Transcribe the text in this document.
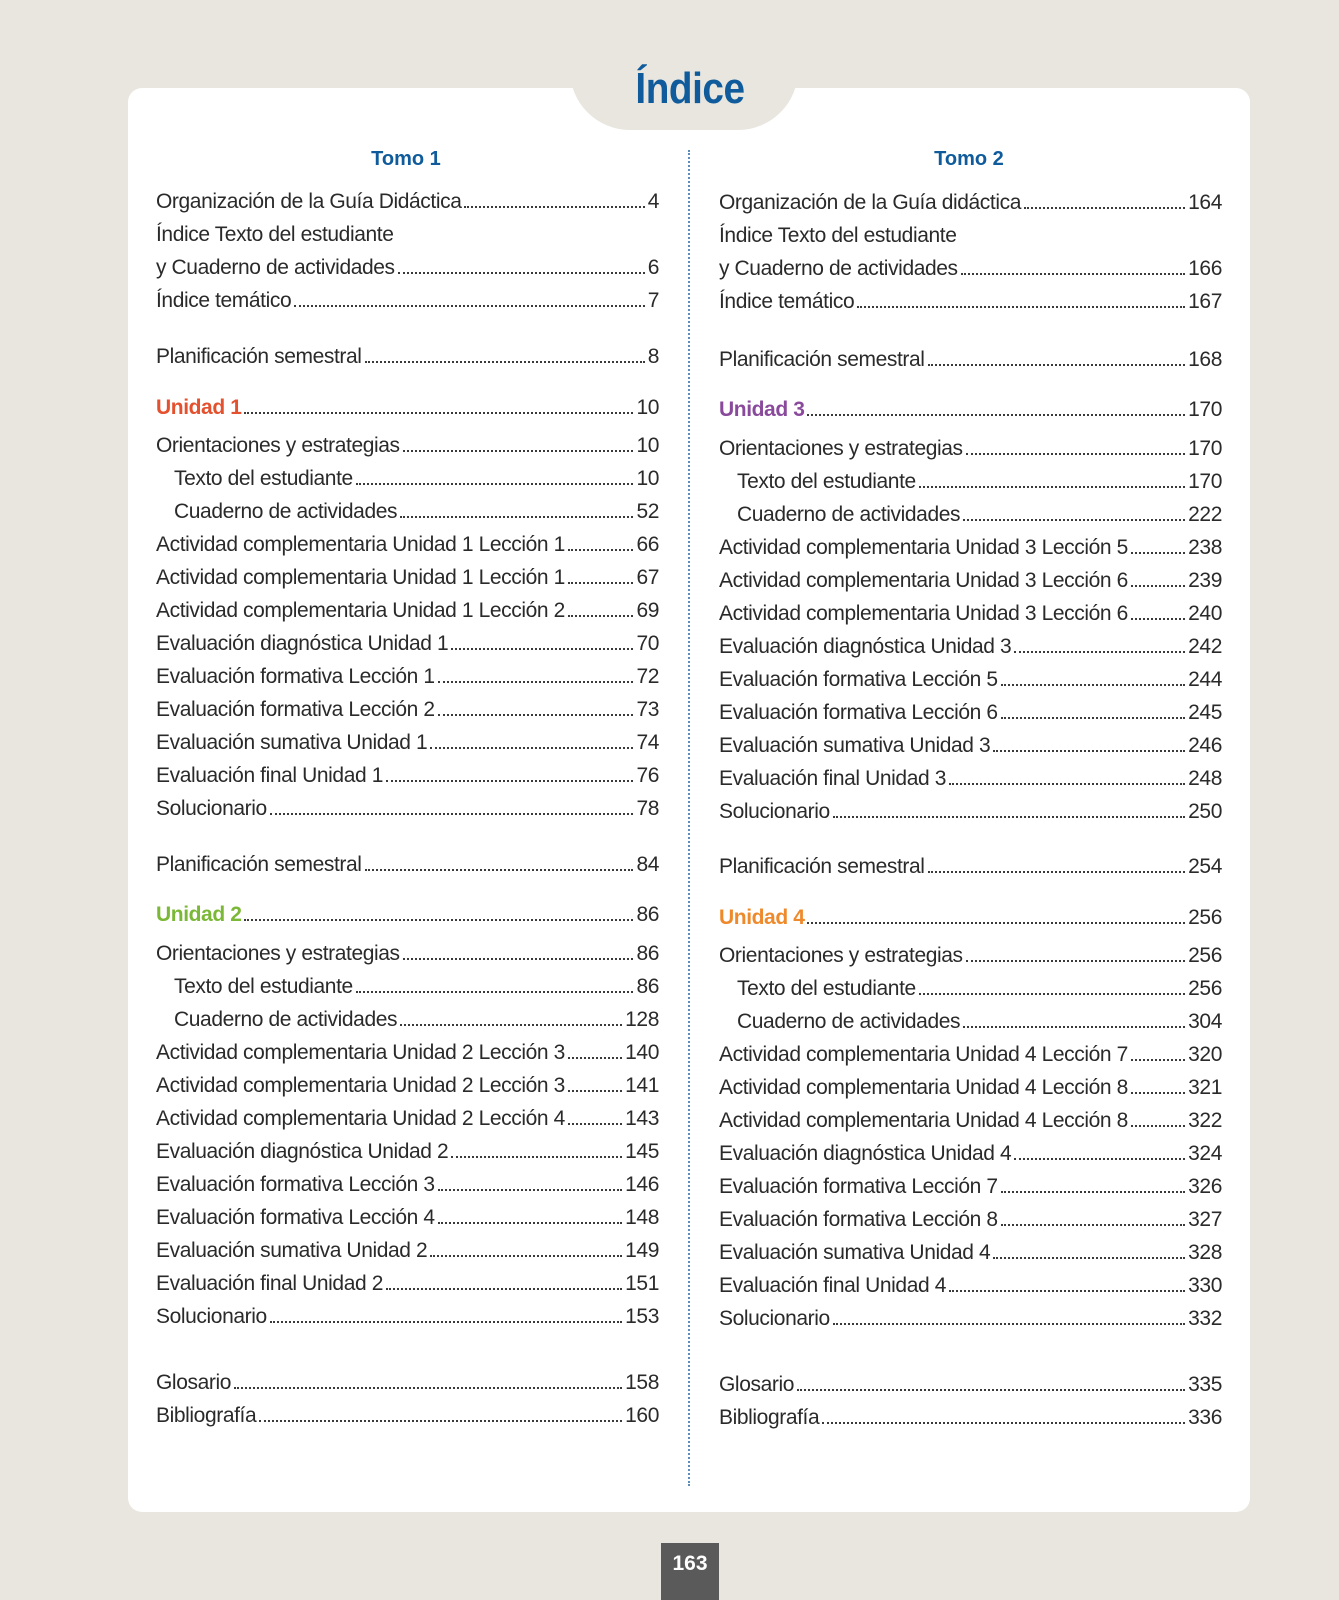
Índice
Tomo 1
Organización de la Guía Didáctica	4
Índice Texto del estudiante
y Cuaderno de actividades	6
Índice temático	7
Planificación semestral	8
Unidad 1	10
Orientaciones y estrategias	10
Texto del estudiante	10
Cuaderno de actividades	52
Actividad complementaria Unidad 1 Lección 1	66
Actividad complementaria Unidad 1 Lección 1	67
Actividad complementaria Unidad 1 Lección 2	69
Evaluación diagnóstica Unidad 1	70
Evaluación formativa Lección 1	72
Evaluación formativa Lección 2	73
Evaluación sumativa Unidad 1	74
Evaluación final Unidad 1	76
Solucionario	78
Planificación semestral	84
Unidad 2	86
Orientaciones y estrategias	86
Texto del estudiante	86
Cuaderno de actividades	128
Actividad complementaria Unidad 2 Lección 3	140
Actividad complementaria Unidad 2 Lección 3	141
Actividad complementaria Unidad 2 Lección 4	143
Evaluación diagnóstica Unidad 2	145
Evaluación formativa Lección 3	146
Evaluación formativa Lección 4	148
Evaluación sumativa Unidad 2	149
Evaluación final Unidad 2	151
Solucionario	153
Glosario	158
Bibliografía	160
Tomo 2
Organización de la Guía didáctica	164
Índice Texto del estudiante
y Cuaderno de actividades	166
Índice temático	167
Planificación semestral	168
Unidad 3	170
Orientaciones y estrategias	170
Texto del estudiante	170
Cuaderno de actividades	222
Actividad complementaria Unidad 3 Lección 5	238
Actividad complementaria Unidad 3 Lección 6	239
Actividad complementaria Unidad 3 Lección 6	240
Evaluación diagnóstica Unidad 3	242
Evaluación formativa Lección 5	244
Evaluación formativa Lección 6	245
Evaluación sumativa Unidad 3	246
Evaluación final Unidad 3	248
Solucionario	250
Planificación semestral	254
Unidad 4	256
Orientaciones y estrategias	256
Texto del estudiante	256
Cuaderno de actividades	304
Actividad complementaria Unidad 4 Lección 7	320
Actividad complementaria Unidad 4 Lección 8	321
Actividad complementaria Unidad 4 Lección 8	322
Evaluación diagnóstica Unidad 4	324
Evaluación formativa Lección 7	326
Evaluación formativa Lección 8	327
Evaluación sumativa Unidad 4	328
Evaluación final Unidad 4	330
Solucionario	332
Glosario	335
Bibliografía	336
163
